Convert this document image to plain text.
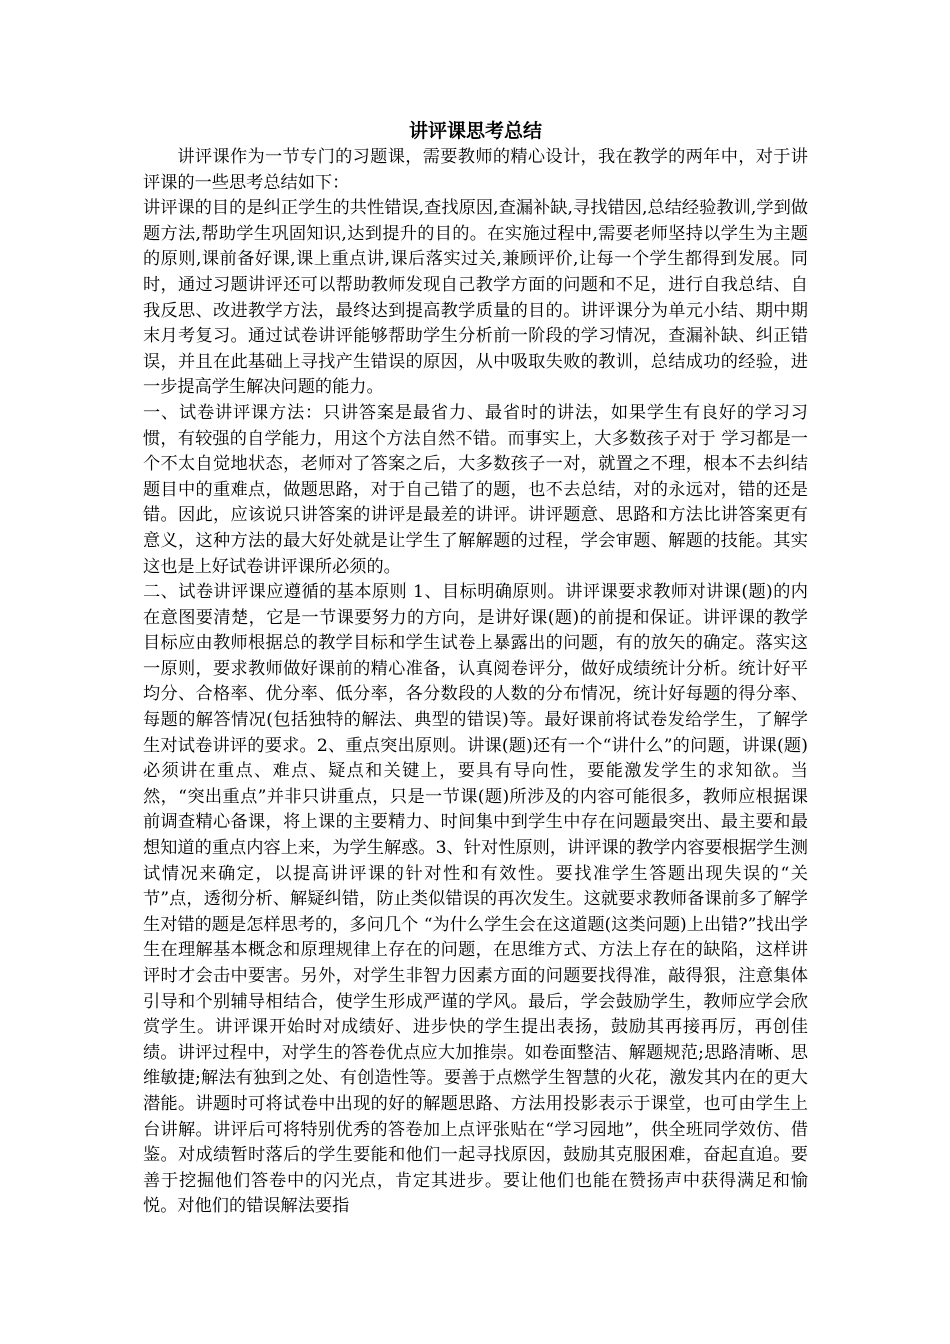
讲评课思考总结

讲评课作为一节专门的习题课，需要教师的精心设计，我在教学的两年中，对于讲评课的一些思考总结如下：

讲评课的目的是纠正学生的共性错误,查找原因,查漏补缺,寻找错因,总结经验教训,学到做题方法,帮助学生巩固知识,达到提升的目的。在实施过程中,需要老师坚持以学生为主题的原则,课前备好课,课上重点讲,课后落实过关,兼顾评价,让每一个学生都得到发展。同时，通过习题讲评还可以帮助教师发现自己教学方面的问题和不足，进行自我总结、自我反思、改进教学方法，最终达到提高教学质量的目的。讲评课分为单元小结、期中期末月考复习。通过试卷讲评能够帮助学生分析前一阶段的学习情况，查漏补缺、纠正错误，并且在此基础上寻找产生错误的原因，从中吸取失败的教训，总结成功的经验，进一步提高学生解决问题的能力。

一、试卷讲评课方法：只讲答案是最省力、最省时的讲法，如果学生有良好的学习习惯，有较强的自学能力，用这个方法自然不错。而事实上，大多数孩子对于 学习都是一个不太自觉地状态，老师对了答案之后，大多数孩子一对，就置之不理，根本不去纠结题目中的重难点，做题思路，对于自己错了的题，也不去总结，对的永远对，错的还是错。因此，应该说只讲答案的讲评是最差的讲评。讲评题意、思路和方法比讲答案更有意义，这种方法的最大好处就是让学生了解解题的过程，学会审题、解题的技能。其实这也是上好试卷讲评课所必须的。

二、试卷讲评课应遵循的基本原则 1、目标明确原则。讲评课要求教师对讲课(题)的内在意图要清楚，它是一节课要努力的方向，是讲好课(题)的前提和保证。讲评课的教学目标应由教师根据总的教学目标和学生试卷上暴露出的问题，有的放矢的确定。落实这一原则，要求教师做好课前的精心准备，认真阅卷评分，做好成绩统计分析。统计好平均分、合格率、优分率、低分率，各分数段的人数的分布情况，统计好每题的得分率、每题的解答情况(包括独特的解法、典型的错误)等。最好课前将试卷发给学生，了解学生对试卷讲评的要求。2、重点突出原则。讲课(题)还有一个“讲什么”的问题，讲课(题)必须讲在重点、难点、疑点和关键上，要具有导向性，要能激发学生的求知欲。当然，“突出重点”并非只讲重点，只是一节课(题)所涉及的内容可能很多，教师应根据课前调查精心备课，将上课的主要精力、时间集中到学生中存在问题最突出、最主要和最想知道的重点内容上来，为学生解惑。3、针对性原则，讲评课的教学内容要根据学生测试情况来确定，以提高讲评课的针对性和有效性。要找准学生答题出现失误的“关节”点，透彻分析、解疑纠错，防止类似错误的再次发生。这就要求教师备课前多了解学生对错的题是怎样思考的，多问几个 “为什么学生会在这道题(这类问题)上出错?”找出学生在理解基本概念和原理规律上存在的问题，在思维方式、方法上存在的缺陷，这样讲评时才会击中要害。另外，对学生非智力因素方面的问题要找得准，敲得狠，注意集体引导和个别辅导相结合，使学生形成严谨的学风。最后，学会鼓励学生，教师应学会欣赏学生。讲评课开始时对成绩好、进步快的学生提出表扬，鼓励其再接再厉，再创佳绩。讲评过程中，对学生的答卷优点应大加推崇。如卷面整洁、解题规范;思路清晰、思维敏捷;解法有独到之处、有创造性等。要善于点燃学生智慧的火花，激发其内在的更大潜能。讲题时可将试卷中出现的好的解题思路、方法用投影表示于课堂，也可由学生上台讲解。讲评后可将特别优秀的答卷加上点评张贴在“学习园地”，供全班同学效仿、借鉴。对成绩暂时落后的学生要能和他们一起寻找原因，鼓励其克服困难，奋起直追。要善于挖掘他们答卷中的闪光点，肯定其进步。要让他们也能在赞扬声中获得满足和愉悦。对他们的错误解法要指
